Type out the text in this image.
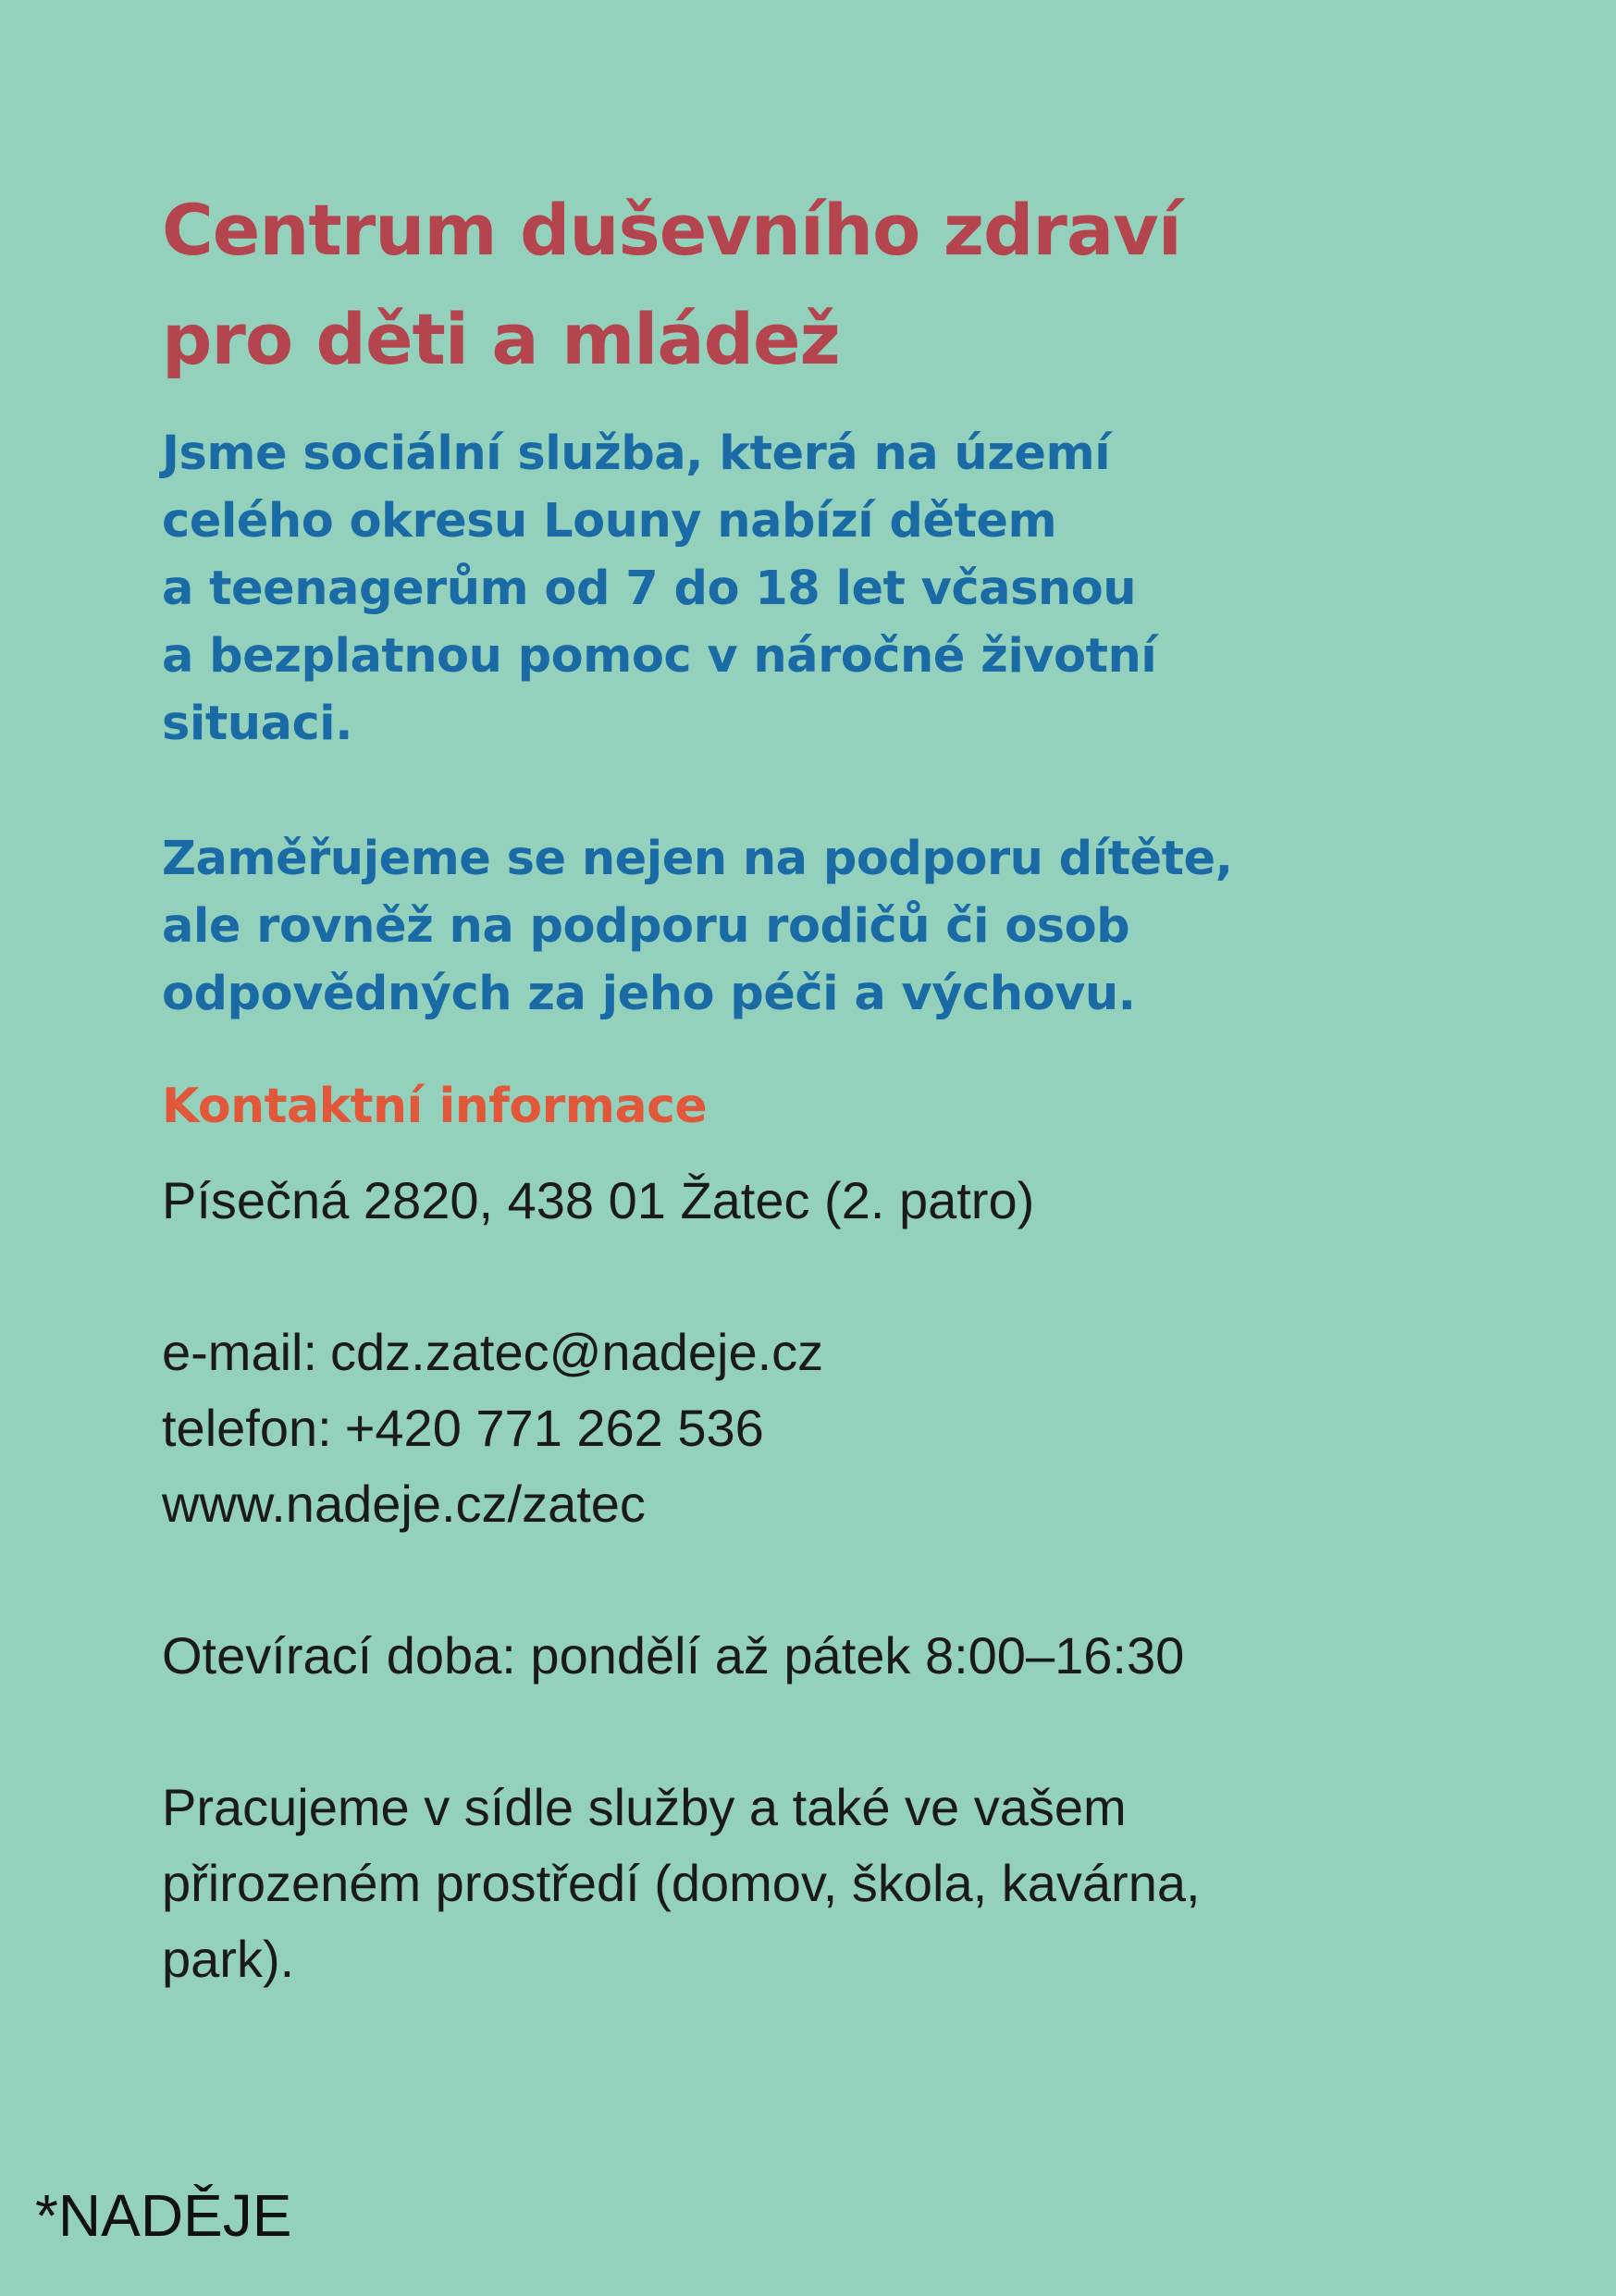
Centrum duševního zdraví
pro děti a mládež

Jsme sociální služba, která na území
celého okresu Louny nabízí dětem
a teenagerům od 7 do 18 let včasnou
a bezplatnou pomoc v náročné životní
situaci.

Zaměřujeme se nejen na podporu dítěte,
ale rovněž na podporu rodičů či osob
odpovědných za jeho péči a výchovu.

Kontaktní informace

Písečná 2820, 438 01 Žatec (2. patro)

e-mail: cdz.zatec@nadeje.cz

telefon: +420 771 262 536

www.nadeje.cz/zatec

Otevírací doba: pondělí až pátek 8:00–16:30

Pracujeme v sídle služby a také ve vašem
přirozeném prostředí (domov, škola, kavárna,
park).

*NADĚJE
